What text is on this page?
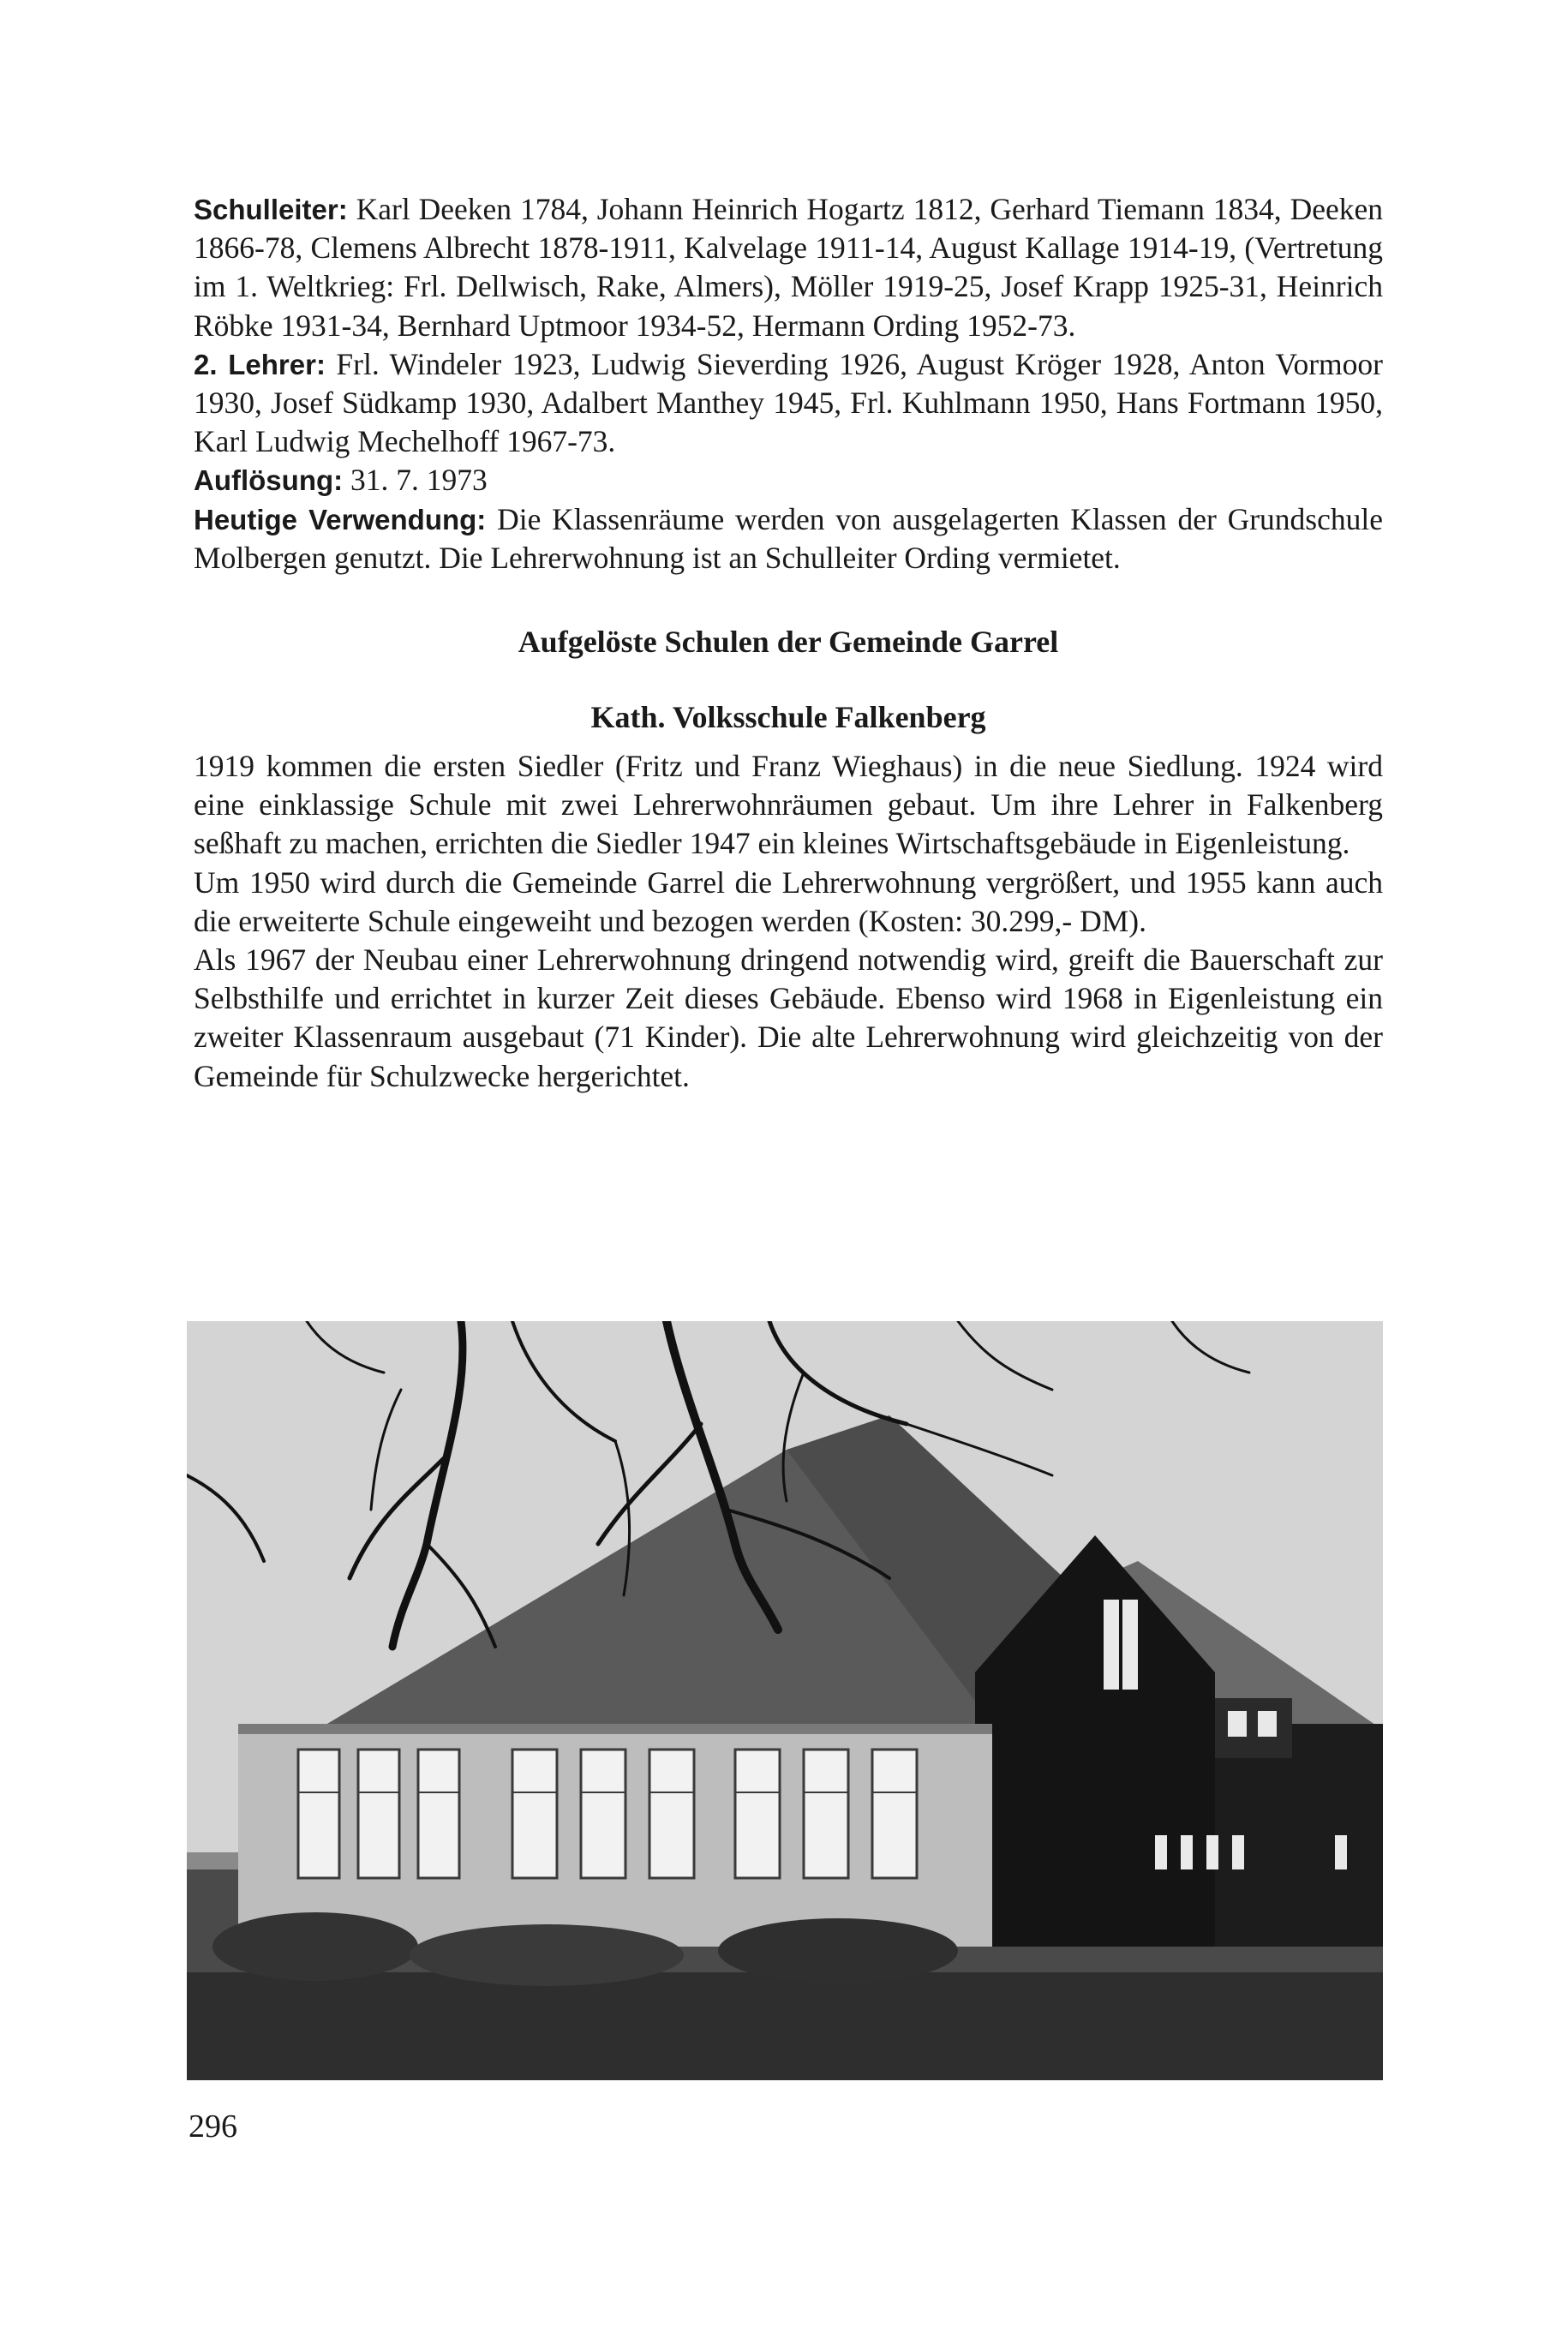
Schulleiter: Karl Deeken 1784, Johann Heinrich Hogartz 1812, Gerhard Tiemann 1834, Deeken 1866-78, Clemens Albrecht 1878-1911, Kalvelage 1911-14, August Kallage 1914-19, (Vertretung im 1. Weltkrieg: Frl. Dellwisch, Rake, Almers), Möller 1919-25, Josef Krapp 1925-31, Heinrich Röbke 1931-34, Bernhard Uptmoor 1934-52, Hermann Ording 1952-73.

2. Lehrer: Frl. Windeler 1923, Ludwig Sieverding 1926, August Kröger 1928, Anton Vormoor 1930, Josef Südkamp 1930, Adalbert Manthey 1945, Frl. Kuhlmann 1950, Hans Fortmann 1950, Karl Ludwig Mechelhoff 1967-73.

Auflösung: 31. 7. 1973

Heutige Verwendung: Die Klassenräume werden von ausgelagerten Klassen der Grundschule Molbergen genutzt. Die Lehrerwohnung ist an Schulleiter Ording vermietet.

Aufgelöste Schulen der Gemeinde Garrel
Kath. Volksschule Falkenberg

1919 kommen die ersten Siedler (Fritz und Franz Wieghaus) in die neue Siedlung. 1924 wird eine einklassige Schule mit zwei Lehrerwohnräumen gebaut. Um ihre Lehrer in Falkenberg seßhaft zu machen, errichten die Siedler 1947 ein kleines Wirtschaftsgebäude in Eigenleistung.

Um 1950 wird durch die Gemeinde Garrel die Lehrerwohnung vergrößert, und 1955 kann auch die erweiterte Schule eingeweiht und bezogen werden (Kosten: 30.299,- DM).

Als 1967 der Neubau einer Lehrerwohnung dringend notwendig wird, greift die Bauerschaft zur Selbsthilfe und errichtet in kurzer Zeit dieses Gebäude. Ebenso wird 1968 in Eigenleistung ein zweiter Klassenraum ausgebaut (71 Kinder). Die alte Lehrerwohnung wird gleichzeitig von der Gemeinde für Schulzwecke hergerichtet.

296
